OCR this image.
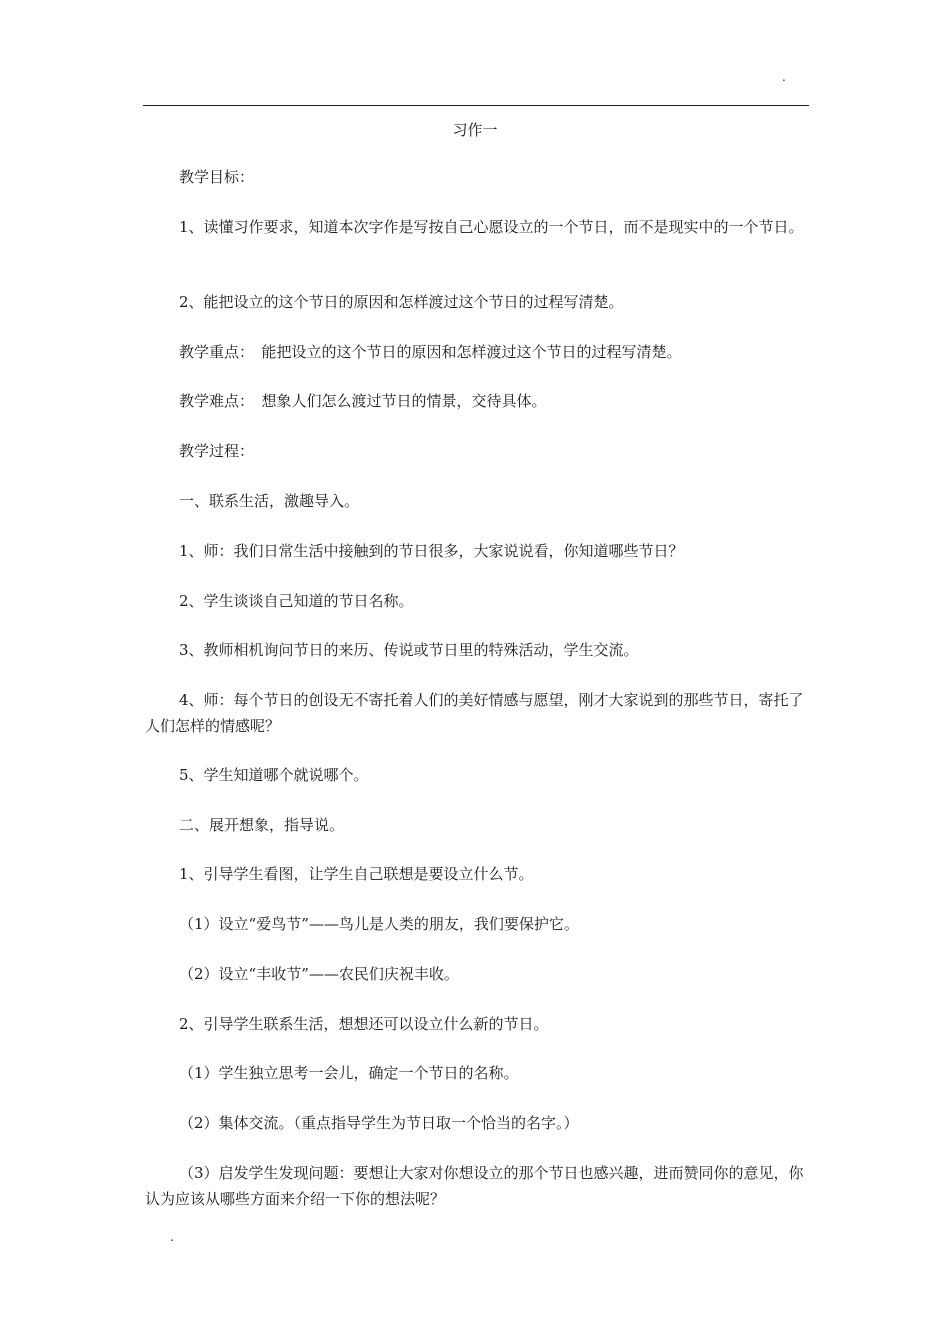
.
习作一

教学目标：

1、读懂习作要求，知道本次字作是写按自己心愿设立的一个节日，而不是现实中的一个节日。

2、能把设立的这个节日的原因和怎样渡过这个节日的过程写清楚。

教学重点：　能把设立的这个节日的原因和怎样渡过这个节日的过程写清楚。

教学难点：　想象人们怎么渡过节日的情景，交待具体。

教学过程：

一、联系生活，激趣导入。

1、师：我们日常生活中接触到的节日很多，大家说说看，你知道哪些节日？

2、学生谈谈自己知道的节日名称。

3、教师相机询问节日的来历、传说或节日里的特殊活动，学生交流。

4、师：每个节日的创设无不寄托着人们的美好情感与愿望，刚才大家说到的那些节日，寄托了人们怎样的情感呢？

5、学生知道哪个就说哪个。

二、展开想象，指导说。

1、引导学生看图，让学生自己联想是要设立什么节。

（1）设立“爱鸟节”——鸟儿是人类的朋友，我们要保护它。

（2）设立“丰收节”——农民们庆祝丰收。

2、引导学生联系生活，想想还可以设立什么新的节日。

（1）学生独立思考一会儿，确定一个节日的名称。

（2）集体交流。（重点指导学生为节日取一个恰当的名字。）

（3）启发学生发现问题：要想让大家对你想设立的那个节日也感兴趣，进而赞同你的意见，你认为应该从哪些方面来介绍一下你的想法呢？

.
